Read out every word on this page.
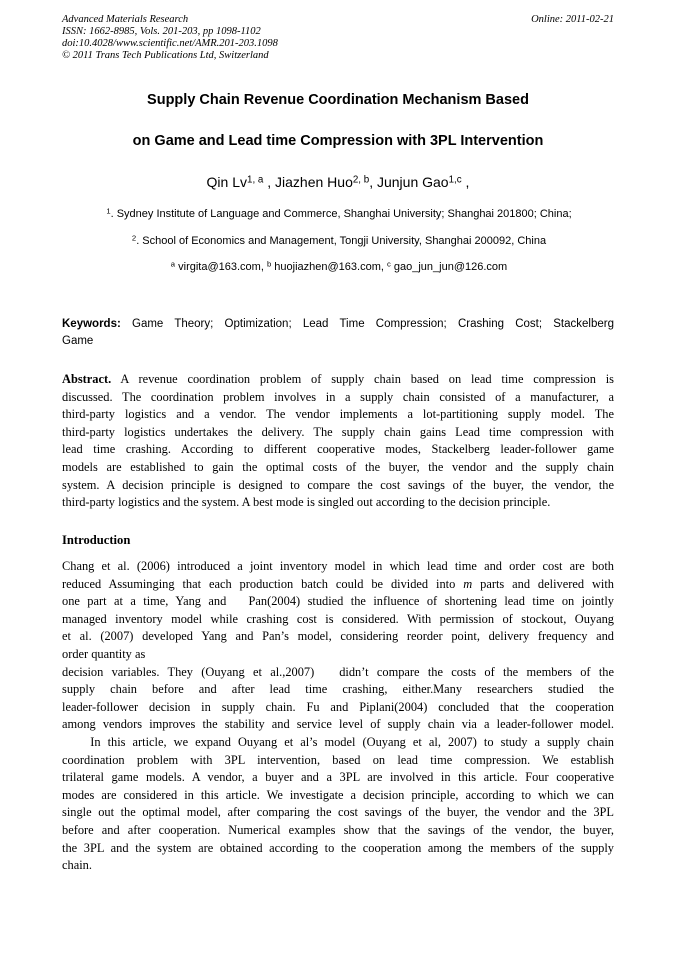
Advanced Materials Research
ISSN: 1662-8985, Vols. 201-203, pp 1098-1102
doi:10.4028/www.scientific.net/AMR.201-203.1098
© 2011 Trans Tech Publications Ltd, Switzerland
Online: 2011-02-21
Supply Chain Revenue Coordination Mechanism Based
on Game and Lead time Compression with 3PL Intervention
Qin Lv$^{1, a}$ , Jiazhen Huo$^{2, b}$, Junjun Gao$^{1,c}$ ,
$^1$. Sydney Institute of Language and Commerce, Shanghai University; Shanghai 201800; China;
$^2$. School of Economics and Management, Tongji University, Shanghai 200092, China
$^a$ virgita@163.com, $^b$ huojiazhen@163.com, $^c$ gao_jun_jun@126.com
Keywords: Game Theory; Optimization; Lead Time Compression; Crashing Cost; Stackelberg
Game
Abstract. A revenue coordination problem of supply chain based on lead time compression is
discussed. The coordination problem involves in a supply chain consisted of a manufacturer, a
third-party logistics and a vendor. The vendor implements a lot-partitioning supply model. The
third-party logistics undertakes the delivery. The supply chain gains Lead time compression with
lead time crashing. According to different cooperative modes, Stackelberg leader-follower game
models are established to gain the optimal costs of the buyer, the vendor and the supply chain
system. A decision principle is designed to compare the cost savings of the buyer, the vendor, the
third-party logistics and the system. A best mode is singled out according to the decision principle.
Introduction
Chang et al. (2006) introduced a joint inventory model in which lead time and order cost are both
reduced Assuminging that each production batch could be divided into m parts and delivered with
one part at a time, Yang and   Pan(2004) studied the influence of shortening lead time on jointly
managed inventory model while crashing cost is considered. With permission of stockout, Ouyang
et al. (2007) developed Yang and Pan’s model, considering reorder point, delivery frequency and
order quantity as
decision variables. They (Ouyang et al.,2007)   didn’t compare the costs of the members of the
supply chain before and after lead time crashing, either.Many researchers studied the
leader-follower decision in supply chain. Fu and Piplani(2004) concluded that the cooperation
among vendors improves the stability and service level of supply chain via a leader-follower model.
In this article, we expand Ouyang et al’s model (Ouyang et al, 2007) to study a supply chain
coordination problem with 3PL intervention, based on lead time compression. We establish
trilateral game models. A vendor, a buyer and a 3PL are involved in this article. Four cooperative
modes are considered in this article. We investigate a decision principle, according to which we can
single out the optimal model, after comparing the cost savings of the buyer, the vendor and the 3PL
before and after cooperation. Numerical examples show that the savings of the vendor, the buyer,
the 3PL and the system are obtained according to the cooperation among the members of the supply
chain.
